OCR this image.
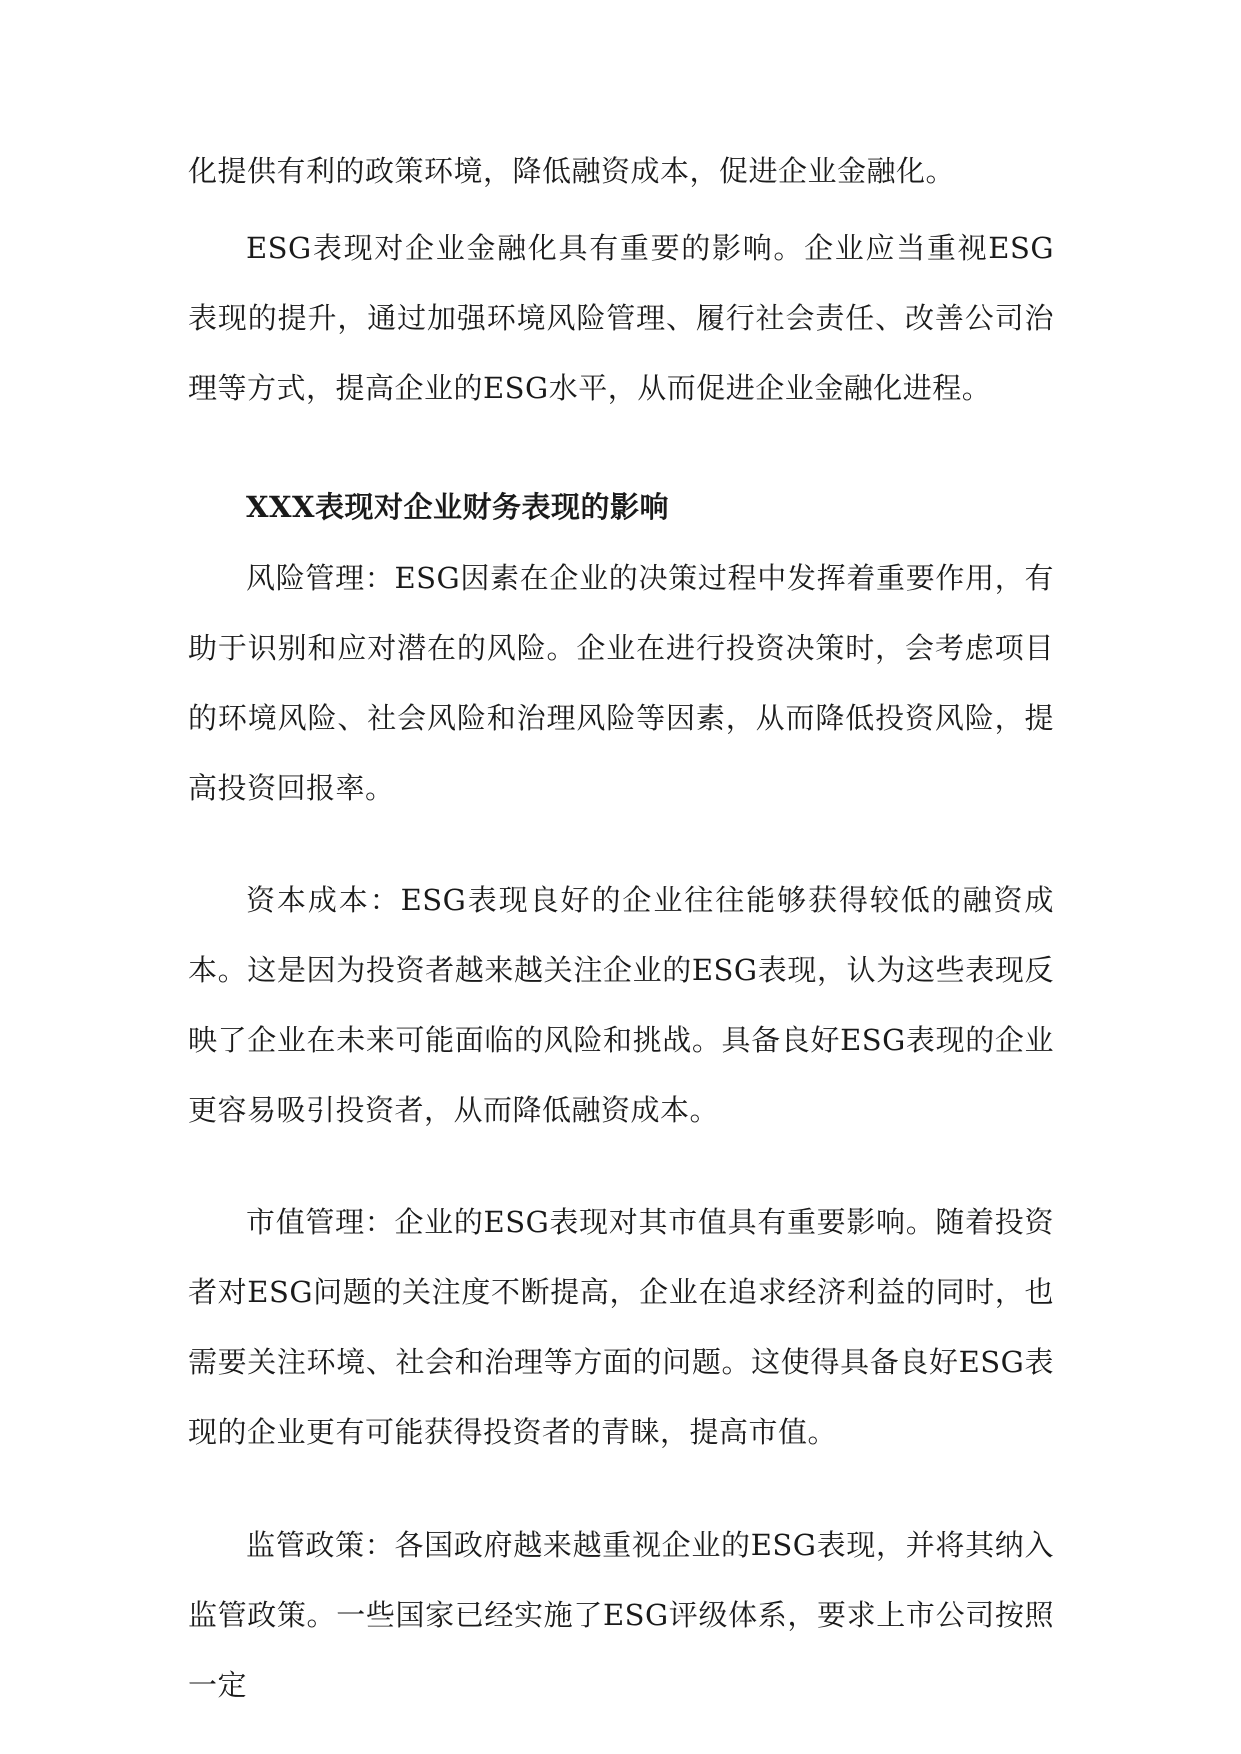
化提供有利的政策环境，降低融资成本，促进企业金融化。

ESG表现对企业金融化具有重要的影响。企业应当重视ESG表现的提升，通过加强环境风险管理、履行社会责任、改善公司治理等方式，提高企业的ESG水平，从而促进企业金融化进程。

XXX表现对企业财务表现的影响

风险管理：ESG因素在企业的决策过程中发挥着重要作用，有助于识别和应对潜在的风险。企业在进行投资决策时，会考虑项目的环境风险、社会风险和治理风险等因素，从而降低投资风险，提高投资回报率。

资本成本：ESG表现良好的企业往往能够获得较低的融资成本。这是因为投资者越来越关注企业的ESG表现，认为这些表现反映了企业在未来可能面临的风险和挑战。具备良好ESG表现的企业更容易吸引投资者，从而降低融资成本。

市值管理：企业的ESG表现对其市值具有重要影响。随着投资者对ESG问题的关注度不断提高，企业在追求经济利益的同时，也需要关注环境、社会和治理等方面的问题。这使得具备良好ESG表现的企业更有可能获得投资者的青睐，提高市值。

监管政策：各国政府越来越重视企业的ESG表现，并将其纳入监管政策。一些国家已经实施了ESG评级体系，要求上市公司按照一定
